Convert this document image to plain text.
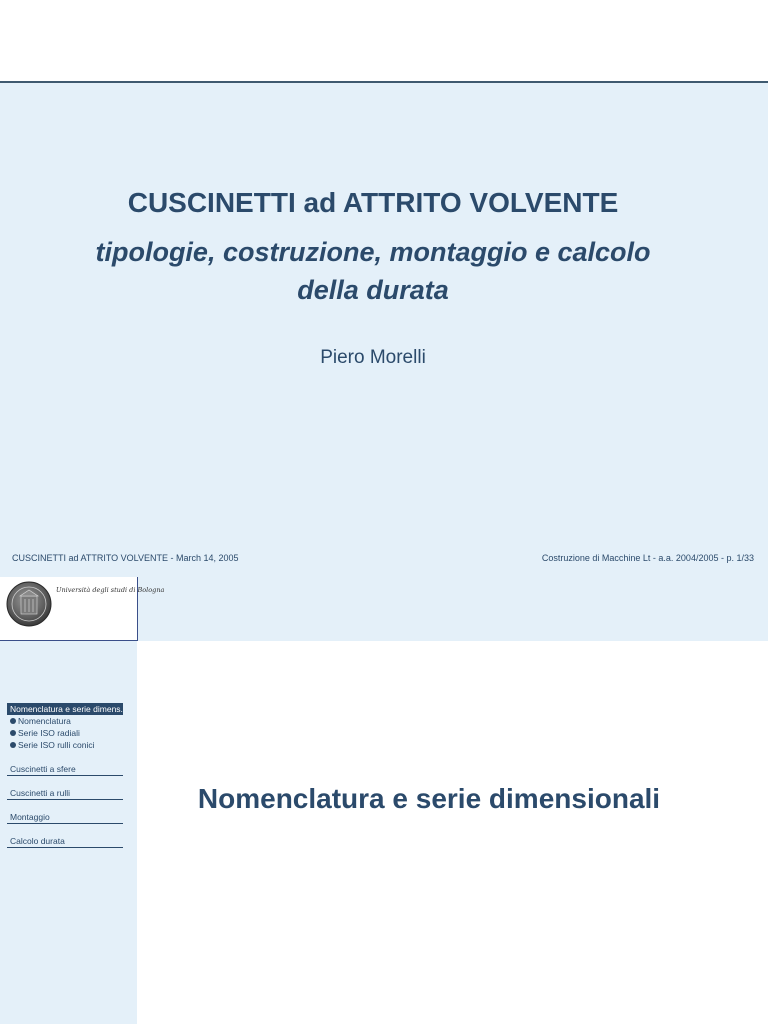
CUSCINETTI ad ATTRITO VOLVENTE
tipologie, costruzione, montaggio e calcolo
della durata
Piero Morelli
CUSCINETTI ad ATTRITO VOLVENTE - March 14, 2005	Costruzione di Macchine Lt - a.a. 2004/2005 - p. 1/33
Università degli studi di Bologna
Nomenclatura e serie dimens.
Nomenclatura
Serie ISO radiali
Serie ISO rulli conici
Cuscinetti a sfere
Cuscinetti a rulli
Montaggio
Calcolo durata
Nomenclatura e serie dimensionali
